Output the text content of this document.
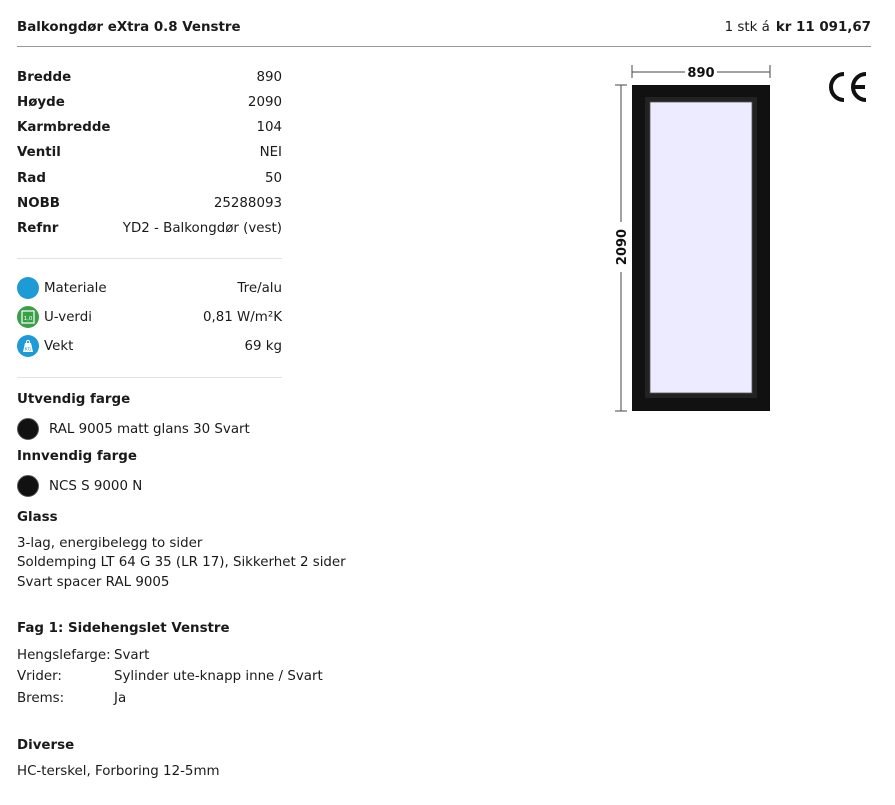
Balkongdør eXtra 0.8 Venstre	1 stk á kr 11 091,67
Bredde	890
Høyde	2090
Karmbredde	104
Ventil	NEI
Rad	50
NOBB	25288093
Refnr	YD2 - Balkongdør (vest)
Materiale	Tre/alu
1,0 U-verdi	0,81 W/m²K
KG Vekt	69 kg
Utvendig farge
RAL 9005 matt glans 30 Svart
Innvendig farge
NCS S 9000 N
Glass
3-lag, energibelegg to sider
Soldemping LT 64 G 35 (LR 17), Sikkerhet 2 sider
Svart spacer RAL 9005
Fag 1: Sidehengslet Venstre
Hengslefarge: Svart
Vrider:	Sylinder ute-knapp inne / Svart
Brems:	Ja
Diverse
HC-terskel, Forboring 12-5mm
890
2090
